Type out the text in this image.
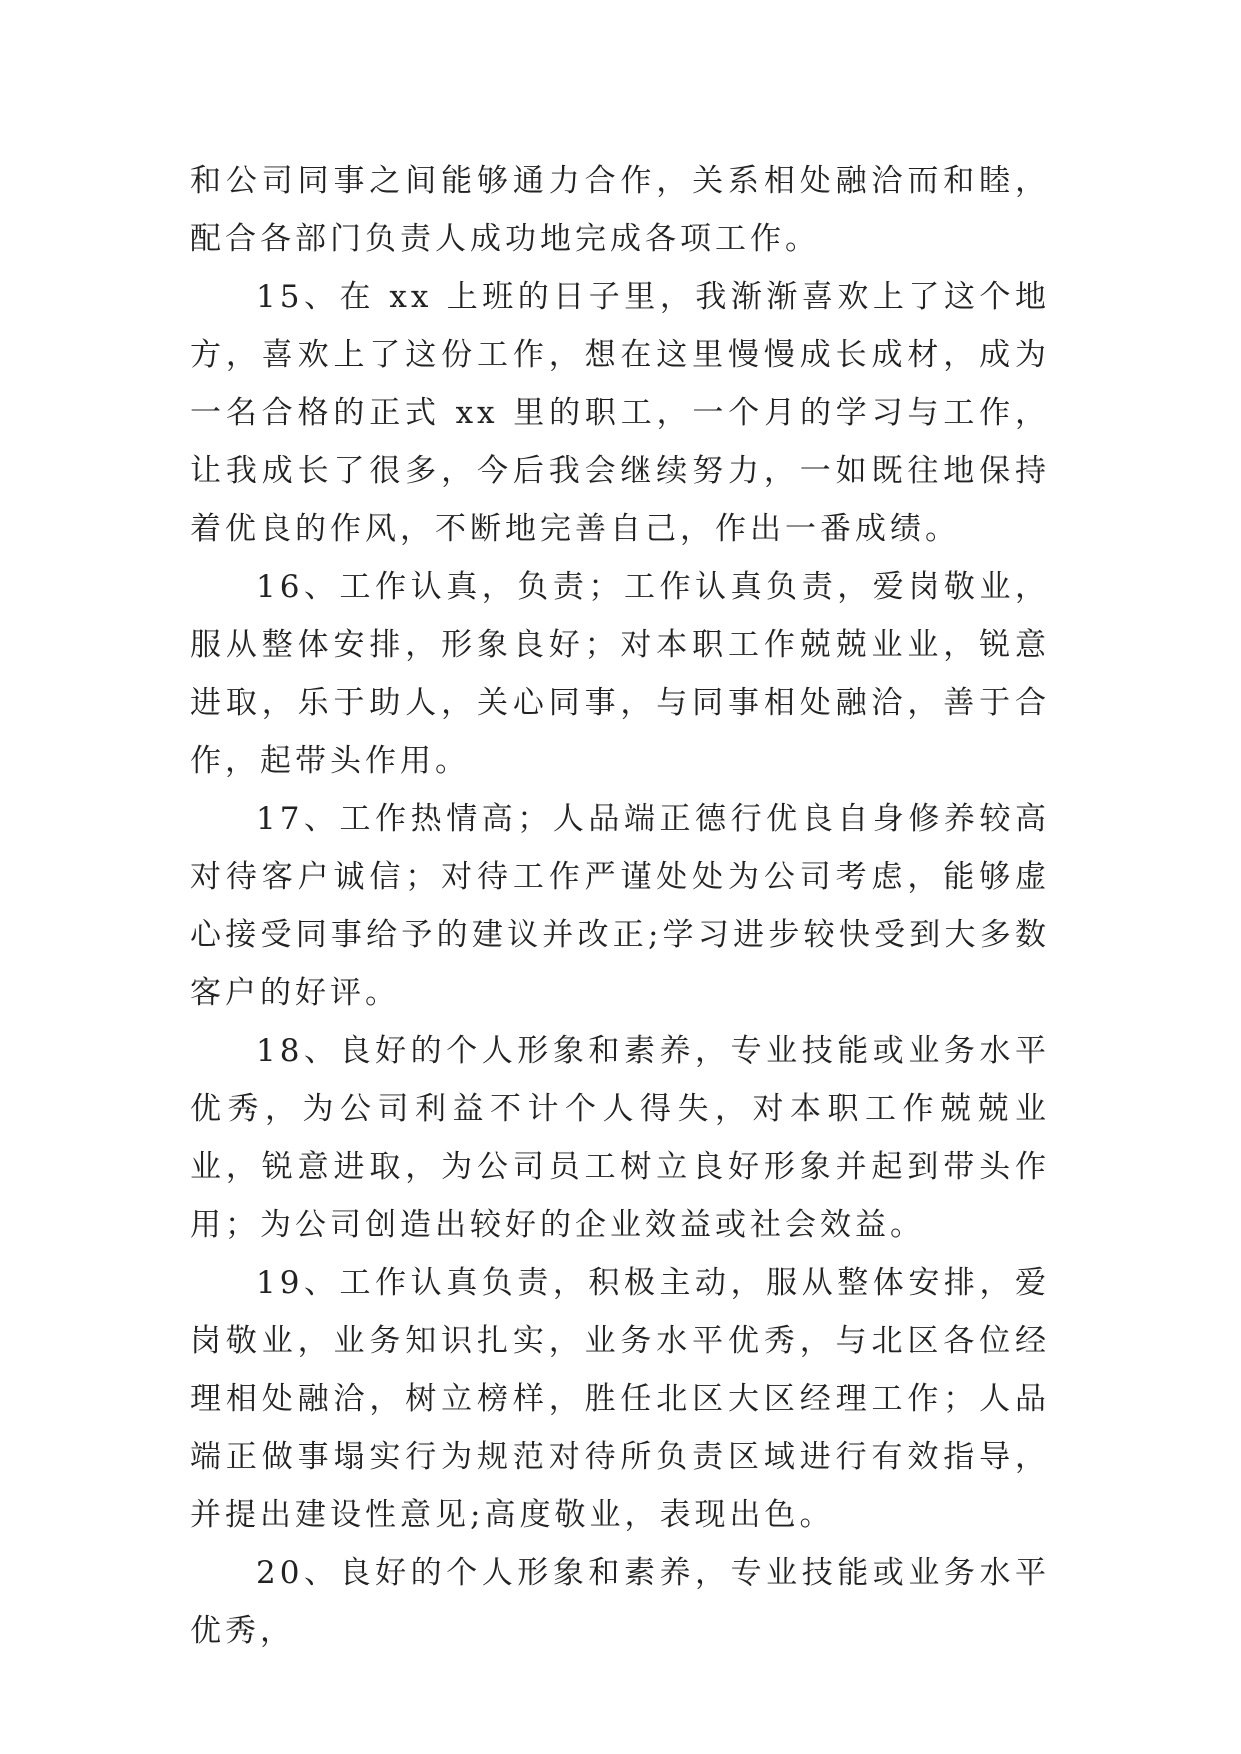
和公司同事之间能够通力合作，关系相处融洽而和睦，配合各部门负责人成功地完成各项工作。

15、在 xx 上班的日子里，我渐渐喜欢上了这个地方，喜欢上了这份工作，想在这里慢慢成长成材，成为一名合格的正式 xx 里的职工，一个月的学习与工作，让我成长了很多，今后我会继续努力，一如既往地保持着优良的作风，不断地完善自己，作出一番成绩。

16、工作认真，负责；工作认真负责，爱岗敬业，服从整体安排，形象良好；对本职工作兢兢业业，锐意进取，乐于助人，关心同事，与同事相处融洽，善于合作，起带头作用。

17、工作热情高；人品端正德行优良自身修养较高对待客户诚信；对待工作严谨处处为公司考虑，能够虚心接受同事给予的建议并改正;学习进步较快受到大多数客户的好评。

18、良好的个人形象和素养，专业技能或业务水平优秀，为公司利益不计个人得失，对本职工作兢兢业业，锐意进取，为公司员工树立良好形象并起到带头作用；为公司创造出较好的企业效益或社会效益。

19、工作认真负责，积极主动，服从整体安排，爱岗敬业，业务知识扎实，业务水平优秀，与北区各位经理相处融洽，树立榜样，胜任北区大区经理工作；人品端正做事塌实行为规范对待所负责区域进行有效指导，并提出建设性意见;高度敬业，表现出色。

20、良好的个人形象和素养，专业技能或业务水平优秀，
